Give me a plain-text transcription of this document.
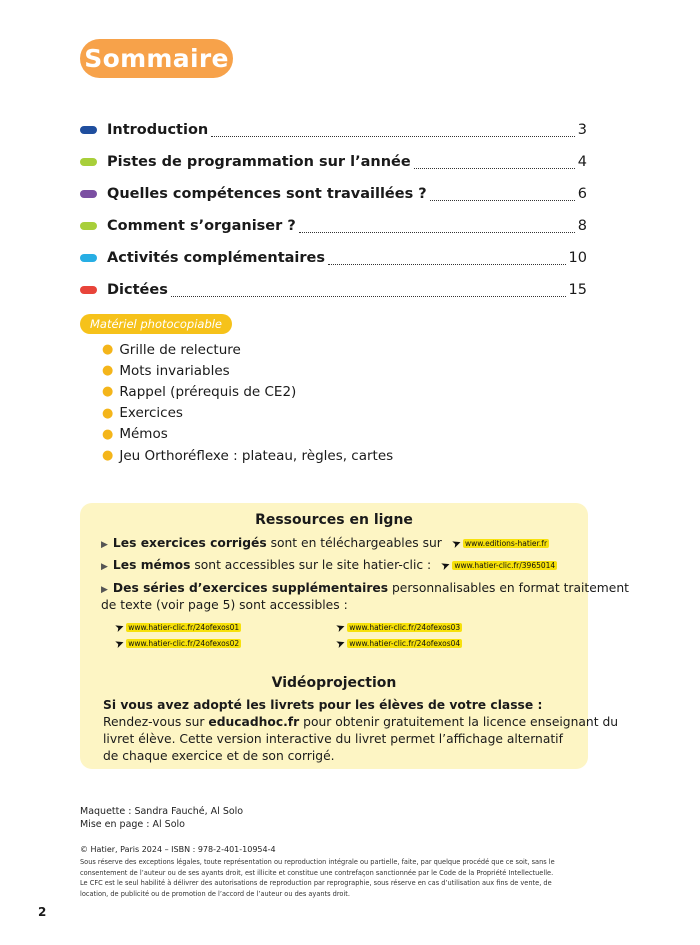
Sommaire
Introduction	3
Pistes de programmation sur l’année	4
Quelles compétences sont travaillées ?	6
Comment s’organiser ?	8
Activités complémentaires	10
Dictées	15
Matériel photocopiable
● Grille de relecture
● Mots invariables
● Rappel (prérequis de CE2)
● Exercices
● Mémos
● Jeu Orthoréflexe : plateau, règles, cartes
Ressources en ligne
▶ Les exercices corrigés sont en téléchargeables sur ➤ www.editions-hatier.fr
▶ Les mémos sont accessibles sur le site hatier-clic : ➤ www.hatier-clic.fr/3965014
▶ Des séries d’exercices supplémentaires personnalisables en format traitement
de texte (voir page 5) sont accessibles :
➤ www.hatier-clic.fr/24ofexos01
➤ www.hatier-clic.fr/24ofexos02
➤ www.hatier-clic.fr/24ofexos03
➤ www.hatier-clic.fr/24ofexos04
Vidéoprojection
Si vous avez adopté les livrets pour les élèves de votre classe :
Rendez-vous sur educadhoc.fr pour obtenir gratuitement la licence enseignant du
livret élève. Cette version interactive du livret permet l’affichage alternatif
de chaque exercice et de son corrigé.
Maquette : Sandra Fauché, Al Solo
Mise en page : Al Solo
© Hatier, Paris 2024 – ISBN : 978-2-401-10954-4
Sous réserve des exceptions légales, toute représentation ou reproduction intégrale ou partielle, faite, par quelque procédé que ce soit, sans le
consentement de l’auteur ou de ses ayants droit, est illicite et constitue une contrefaçon sanctionnée par le Code de la Propriété Intellectuelle.
Le CFC est le seul habilité à délivrer des autorisations de reproduction par reprographie, sous réserve en cas d’utilisation aux fins de vente, de
location, de publicité ou de promotion de l’accord de l’auteur ou des ayants droit.
2
